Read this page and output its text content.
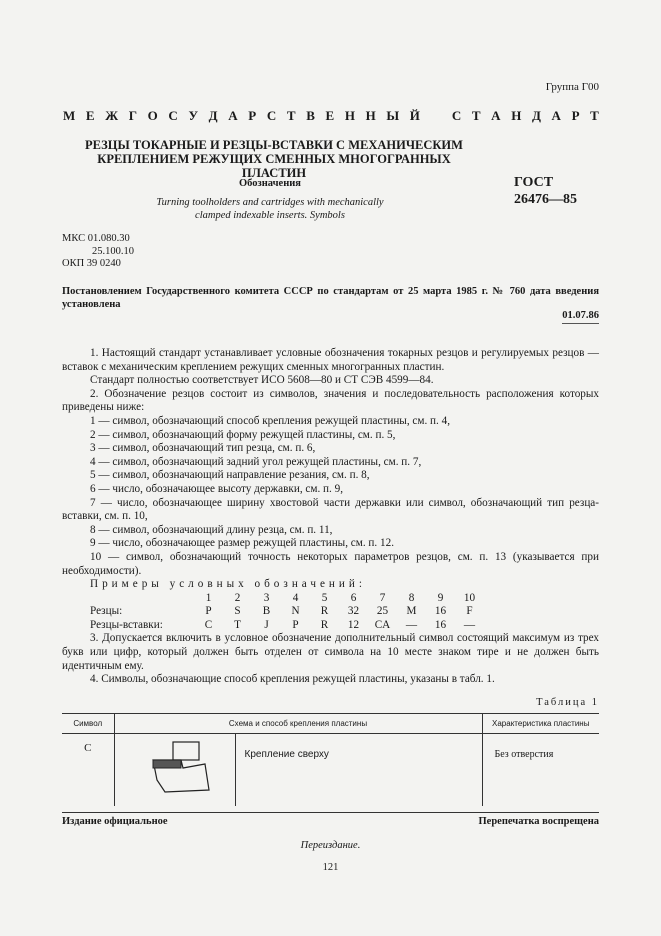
Группа Г00
М Е Ж Г О С У Д А Р С Т В Е Н Н Ы Й С Т А Н Д А Р Т
РЕЗЦЫ ТОКАРНЫЕ И РЕЗЦЫ-ВСТАВКИ С МЕХАНИЧЕСКИМ
КРЕПЛЕНИЕМ РЕЖУЩИХ СМЕННЫХ МНОГОГРАННЫХ ПЛАСТИН
Обозначения
Turning toolholders and cartridges with mechanically
clamped indexable inserts. Symbols
ГОСТ
26476—85
МКС 01.080.30
25.100.10
ОКП 39 0240
Постановлением Государственного комитета СССР по стандартам от 25 марта 1985 г. № 760 дата введения установлена
01.07.86

1. Настоящий стандарт устанавливает условные обозначения токарных резцов и регулируемых резцов — вставок с механическим креплением режущих сменных многогранных пластин.

Стандарт полностью соответствует ИСО 5608—80 и СТ СЭВ 4599—84.

2. Обозначение резцов состоит из символов, значения и последовательность расположения которых приведены ниже:

1 — символ, обозначающий способ крепления режущей пластины, см. п. 4,

2 — символ, обозначающий форму режущей пластины, см. п. 5,

3 — символ, обозначающий тип резца, см. п. 6,

4 — символ, обозначающий задний угол режущей пластины, см. п. 7,

5 — символ, обозначающий направление резания, см. п. 8,

6 — число, обозначающее высоту державки, см. п. 9,

7 — число, обозначающее ширину хвостовой части державки или символ, обозначающий тип резца-вставки, см. п. 10,

8 — символ, обозначающий длину резца, см. п. 11,

9 — число, обозначающее размер режущей пластины, см. п. 12.

10 — символ, обозначающий точность некоторых параметров резцов, см. п. 13 (указывается при необходимости).

Примеры условных обозначений:

	1	2	3	4	5	6	7	8	9	10
Резцы:	P	S	B	N	R	32	25	M	16	F
Резцы-вставки:	C	T	J	P	R	12	CA	—	16	—

3. Допускается включить в условное обозначение дополнительный символ состоящий максимум из трех букв или цифр, который должен быть отделен от символа на 10 месте знаком тире и не должен быть идентичным ему.

4. Символы, обозначающие способ крепления режущей пластины, указаны в табл. 1.

Таблица 1
Символ	Схема и способ крепления пластины	Характеристика пластины
C	Крепление сверху	Без отверстия
Издание официальное	Перепечатка воспрещена
Переиздание.
121
